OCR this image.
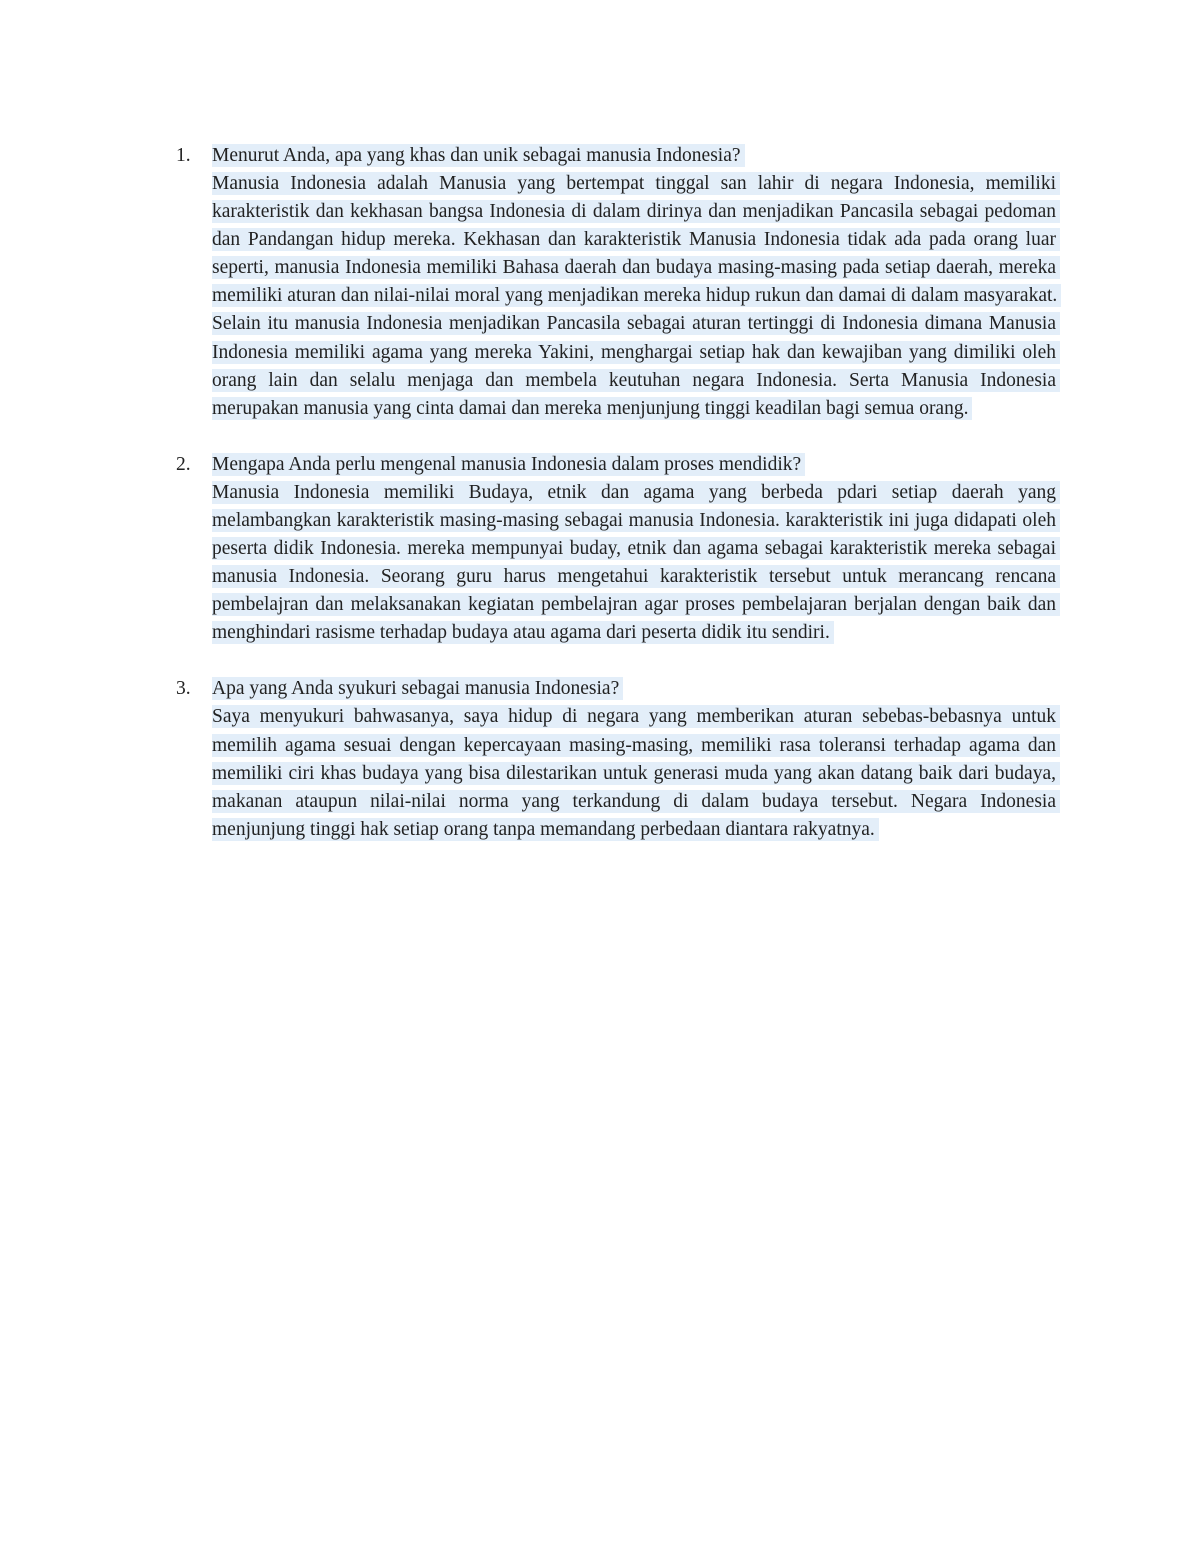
1. Menurut Anda, apa yang khas dan unik sebagai manusia Indonesia?

Manusia Indonesia adalah Manusia yang bertempat tinggal san lahir di negara Indonesia, memiliki karakteristik dan kekhasan bangsa Indonesia di dalam dirinya dan menjadikan Pancasila sebagai pedoman dan Pandangan hidup mereka. Kekhasan dan karakteristik Manusia Indonesia tidak ada pada orang luar seperti, manusia Indonesia memiliki Bahasa daerah dan budaya masing-masing pada setiap daerah, mereka memiliki aturan dan nilai-nilai moral yang menjadikan mereka hidup rukun dan damai di dalam masyarakat. Selain itu manusia Indonesia menjadikan Pancasila sebagai aturan tertinggi di Indonesia dimana Manusia Indonesia memiliki agama yang mereka Yakini, menghargai setiap hak dan kewajiban yang dimiliki oleh orang lain dan selalu menjaga dan membela keutuhan negara Indonesia. Serta Manusia Indonesia merupakan manusia yang cinta damai dan mereka menjunjung tinggi keadilan bagi semua orang.

2. Mengapa Anda perlu mengenal manusia Indonesia dalam proses mendidik?

Manusia Indonesia memiliki Budaya, etnik dan agama yang berbeda pdari setiap daerah yang melambangkan karakteristik masing-masing sebagai manusia Indonesia. karakteristik ini juga didapati oleh peserta didik Indonesia. mereka mempunyai buday, etnik dan agama sebagai karakteristik mereka sebagai manusia Indonesia. Seorang guru harus mengetahui karakteristik tersebut untuk merancang rencana pembelajran dan melaksanakan kegiatan pembelajran agar proses pembelajaran berjalan dengan baik dan menghindari rasisme terhadap budaya atau agama dari peserta didik itu sendiri.

3. Apa yang Anda syukuri sebagai manusia Indonesia?

Saya menyukuri bahwasanya, saya hidup di negara yang memberikan aturan sebebas-bebasnya untuk memilih agama sesuai dengan kepercayaan masing-masing, memiliki rasa toleransi terhadap agama dan memiliki ciri khas budaya yang bisa dilestarikan untuk generasi muda yang akan datang baik dari budaya, makanan ataupun nilai-nilai norma yang terkandung di dalam budaya tersebut. Negara Indonesia menjunjung tinggi hak setiap orang tanpa memandang perbedaan diantara rakyatnya.
